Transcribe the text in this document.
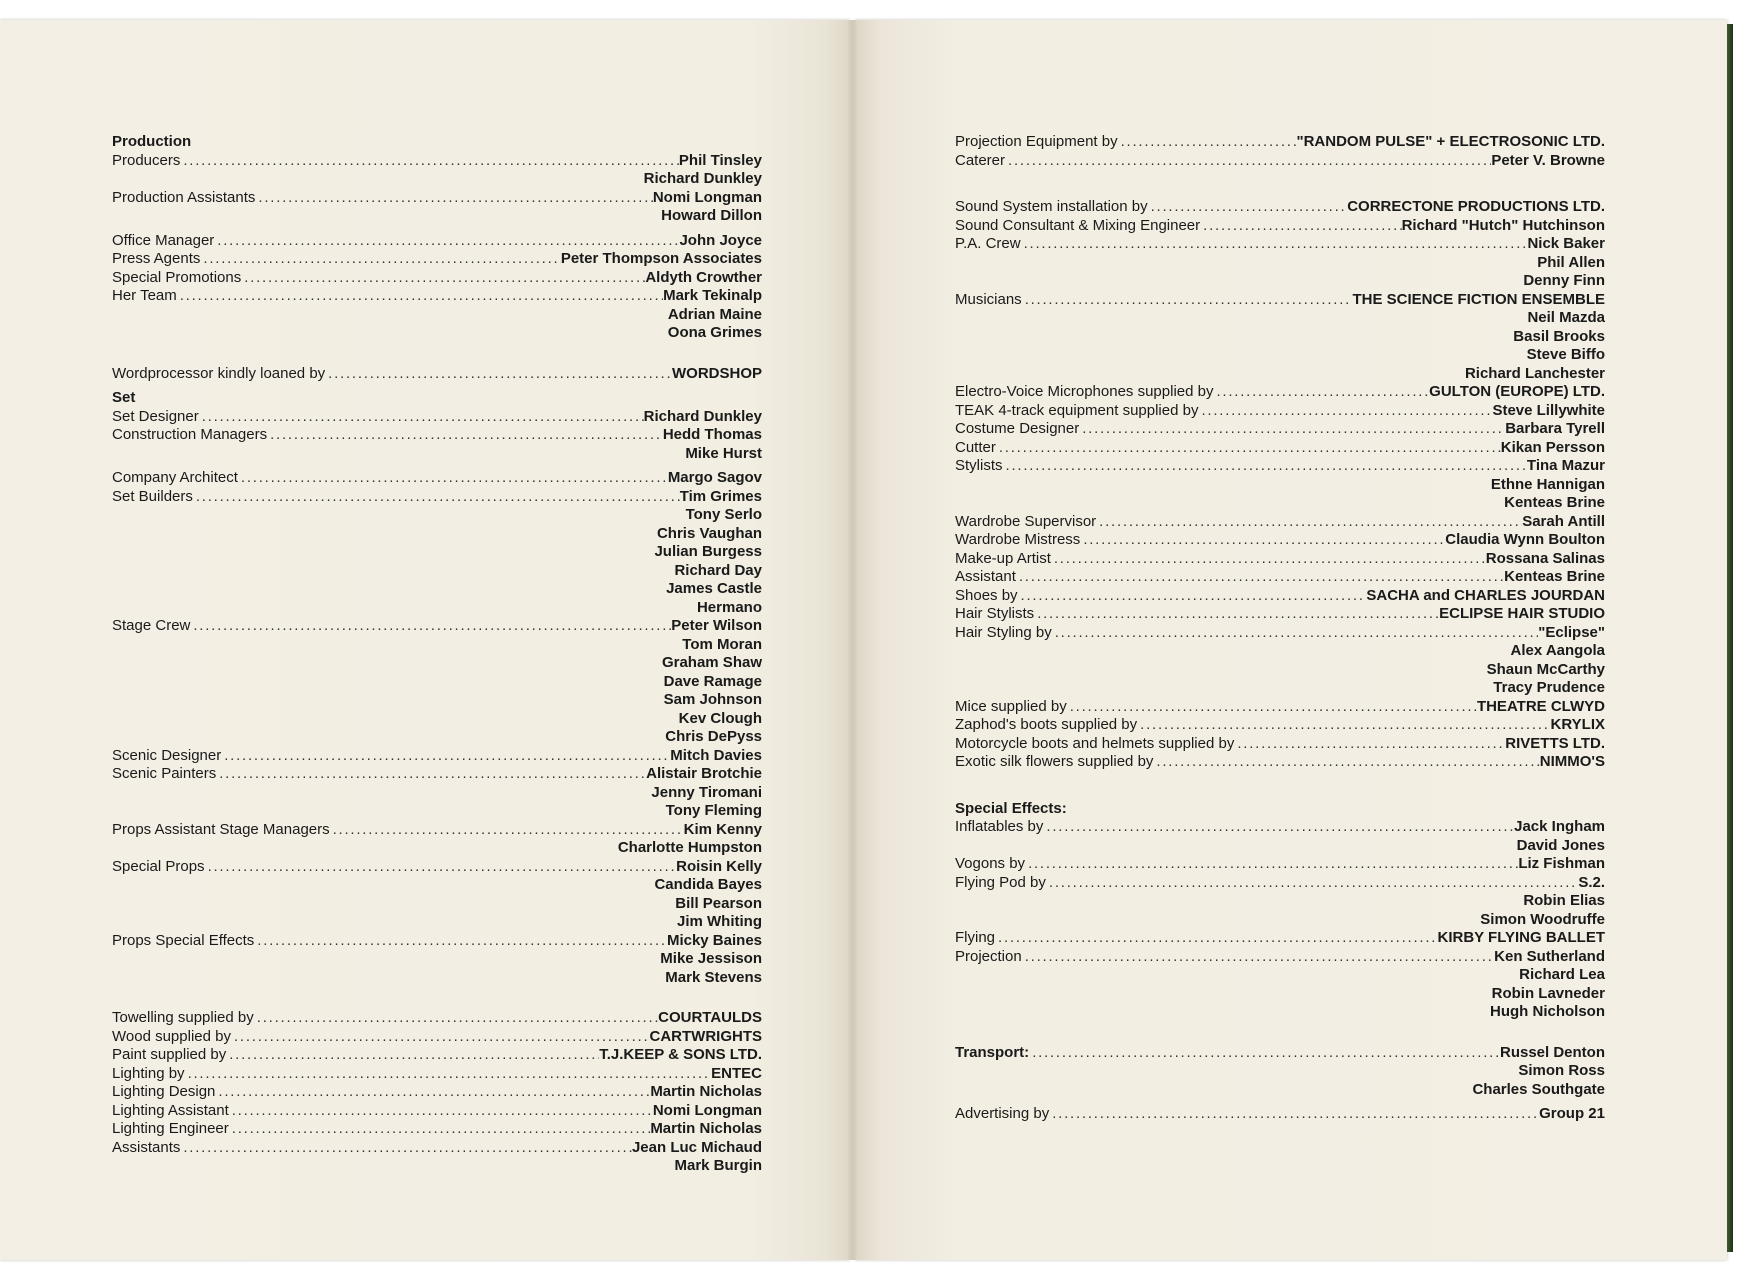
Production
Producers . . .	Phil Tinsley
Richard Dunkley
Production Assistants . . .	Nomi Longman
Howard Dillon
Office Manager . . .	John Joyce
Press Agents . . .	Peter Thompson Associates
Special Promotions . . .	Aldyth Crowther
Her Team . . .	Mark Tekinalp
Adrian Maine
Oona Grimes
Wordprocessor kindly loaned by . . .	WORDSHOP
Set
Set Designer . . .	Richard Dunkley
Construction Managers . . .	Hedd Thomas
Mike Hurst
Company Architect . . .	Margo Sagov
Set Builders . . .	Tim Grimes
Tony Serlo
Chris Vaughan
Julian Burgess
Richard Day
James Castle
Hermano
Stage Crew . . .	Peter Wilson
Tom Moran
Graham Shaw
Dave Ramage
Sam Johnson
Kev Clough
Chris DePyss
Scenic Designer . . .	Mitch Davies
Scenic Painters . . .	Alistair Brotchie
Jenny Tiromani
Tony Fleming
Props Assistant Stage Managers . . .	Kim Kenny
Charlotte Humpston
Special Props . . .	Roisin Kelly
Candida Bayes
Bill Pearson
Jim Whiting
Props Special Effects . . .	Micky Baines
Mike Jessison
Mark Stevens
Towelling supplied by . . .	COURTAULDS
Wood supplied by . . .	CARTWRIGHTS
Paint supplied by . . .	T.J.KEEP & SONS LTD.
Lighting by . . .	ENTEC
Lighting Design . . .	Martin Nicholas
Lighting Assistant . . .	Nomi Longman
Lighting Engineer . . .	Martin Nicholas
Assistants . . .	Jean Luc Michaud
Mark Burgin
Projection Equipment by . . .	"RANDOM PULSE" + ELECTROSONIC LTD.
Caterer . . .	Peter V. Browne
Sound System installation by . . .	CORRECTONE PRODUCTIONS LTD.
Sound Consultant & Mixing Engineer . . .	Richard "Hutch" Hutchinson
P.A. Crew . . .	Nick Baker
Phil Allen
Denny Finn
Musicians . . .	THE SCIENCE FICTION ENSEMBLE
Neil Mazda
Basil Brooks
Steve Biffo
Richard Lanchester
Electro-Voice Microphones supplied by . . .	GULTON (EUROPE) LTD.
TEAK 4-track equipment supplied by . . .	Steve Lillywhite
Costume Designer . . .	Barbara Tyrell
Cutter . . .	Kikan Persson
Stylists . . .	Tina Mazur
Ethne Hannigan
Kenteas Brine
Wardrobe Supervisor . . .	Sarah Antill
Wardrobe Mistress . . .	Claudia Wynn Boulton
Make-up Artist . . .	Rossana Salinas
Assistant . . .	Kenteas Brine
Shoes by . . .	SACHA and CHARLES JOURDAN
Hair Stylists . . .	ECLIPSE HAIR STUDIO
Hair Styling by . . .	"Eclipse"
Alex Aangola
Shaun McCarthy
Tracy Prudence
Mice supplied by . . .	THEATRE CLWYD
Zaphod's boots supplied by . . .	KRYLIX
Motorcycle boots and helmets supplied by . . .	RIVETTS LTD.
Exotic silk flowers supplied by . . .	NIMMO'S
Special Effects:
Inflatables by . . .	Jack Ingham
David Jones
Vogons by . . .	Liz Fishman
Flying Pod by . . .	S.2.
Robin Elias
Simon Woodruffe
Flying . . .	KIRBY FLYING BALLET
Projection . . .	Ken Sutherland
Richard Lea
Robin Lavneder
Hugh Nicholson
Transport: . . .	Russel Denton
Simon Ross
Charles Southgate
Advertising by . . .	Group 21
